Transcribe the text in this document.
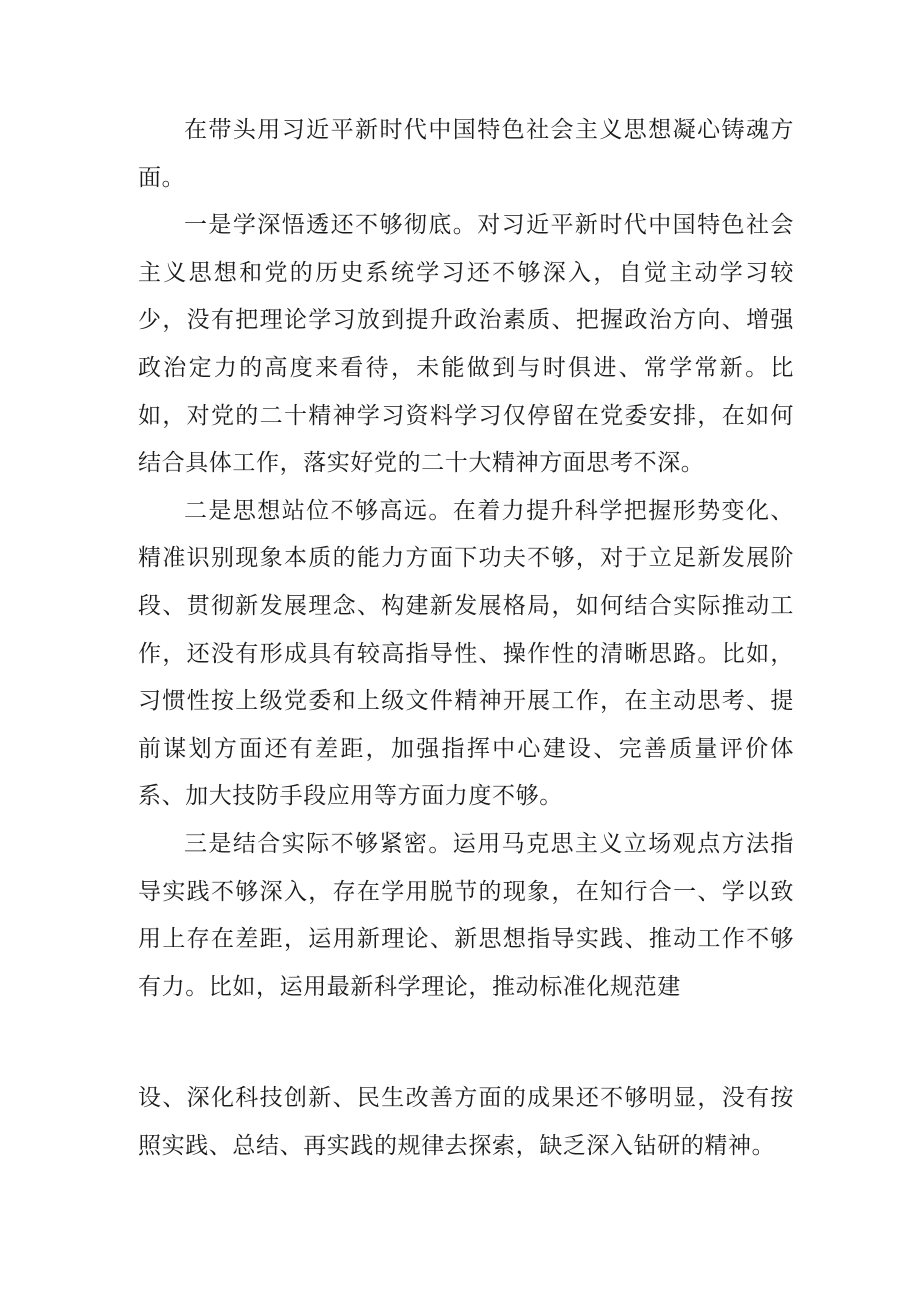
在带头用习近平新时代中国特色社会主义思想凝心铸魂方面。

一是学深悟透还不够彻底。对习近平新时代中国特色社会主义思想和党的历史系统学习还不够深入，自觉主动学习较少，没有把理论学习放到提升政治素质、把握政治方向、增强政治定力的高度来看待，未能做到与时俱进、常学常新。比如，对党的二十精神学习资料学习仅停留在党委安排，在如何结合具体工作，落实好党的二十大精神方面思考不深。

二是思想站位不够高远。在着力提升科学把握形势变化、精准识别现象本质的能力方面下功夫不够，对于立足新发展阶段、贯彻新发展理念、构建新发展格局，如何结合实际推动工作，还没有形成具有较高指导性、操作性的清晰思路。比如，习惯性按上级党委和上级文件精神开展工作，在主动思考、提前谋划方面还有差距，加强指挥中心建设、完善质量评价体系、加大技防手段应用等方面力度不够。

三是结合实际不够紧密。运用马克思主义立场观点方法指导实践不够深入，存在学用脱节的现象，在知行合一、学以致用上存在差距，运用新理论、新思想指导实践、推动工作不够有力。比如，运用最新科学理论，推动标准化规范建

设、深化科技创新、民生改善方面的成果还不够明显，没有按照实践、总结、再实践的规律去探索，缺乏深入钻研的精神。
